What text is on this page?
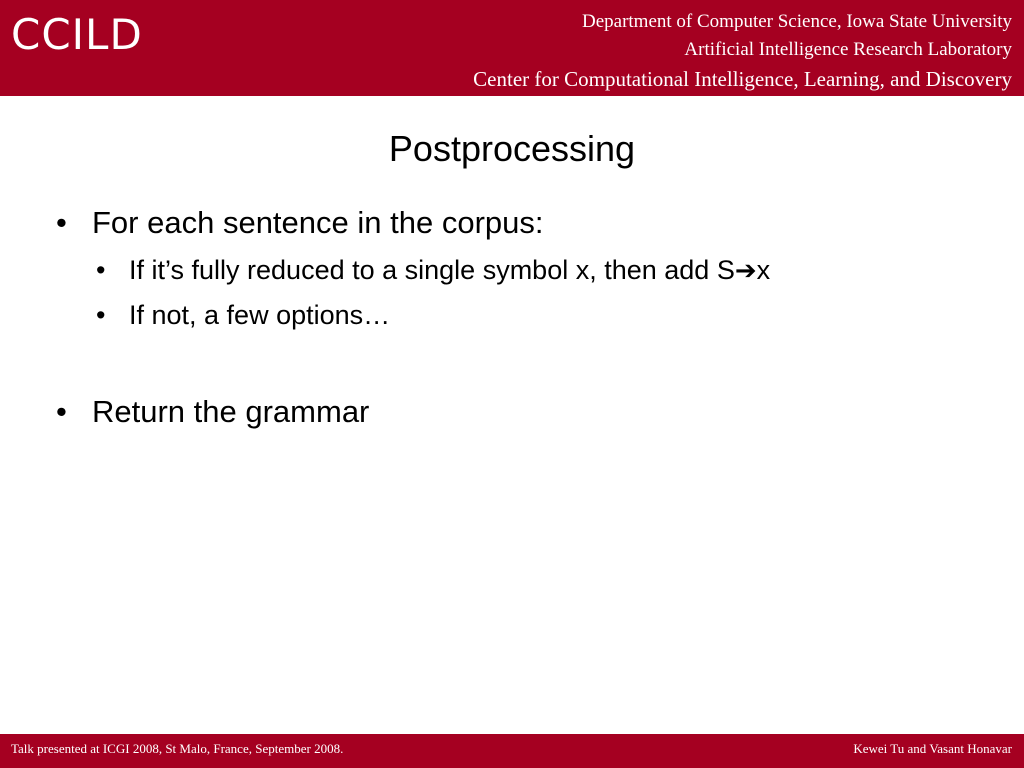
CCILD	Department of Computer Science, Iowa State University
Artificial Intelligence Research Laboratory
Center for Computational Intelligence, Learning, and Discovery
Postprocessing
• For each sentence in the corpus:
• If it’s fully reduced to a single symbol x, then add S➔x
• If not, a few options…
• Return the grammar
Talk presented at ICGI 2008, St Malo, France, September 2008.	Kewei Tu and Vasant Honavar
